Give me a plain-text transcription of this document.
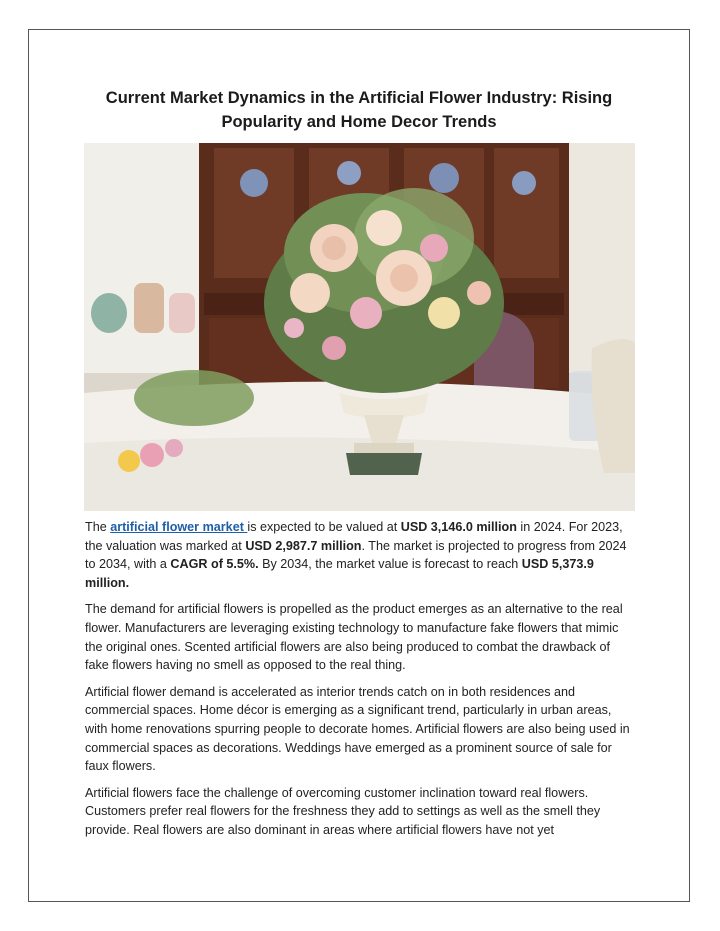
Current Market Dynamics in the Artificial Flower Industry: Rising Popularity and Home Decor Trends

The artificial flower market is expected to be valued at USD 3,146.0 million in 2024. For 2023, the valuation was marked at USD 2,987.7 million. The market is projected to progress from 2024 to 2034, with a CAGR of 5.5%. By 2034, the market value is forecast to reach USD 5,373.9 million.

The demand for artificial flowers is propelled as the product emerges as an alternative to the real flower. Manufacturers are leveraging existing technology to manufacture fake flowers that mimic the original ones. Scented artificial flowers are also being produced to combat the drawback of fake flowers having no smell as opposed to the real thing.

Artificial flower demand is accelerated as interior trends catch on in both residences and commercial spaces. Home décor is emerging as a significant trend, particularly in urban areas, with home renovations spurring people to decorate homes. Artificial flowers are also being used in commercial spaces as decorations. Weddings have emerged as a prominent source of sale for faux flowers.

Artificial flowers face the challenge of overcoming customer inclination toward real flowers. Customers prefer real flowers for the freshness they add to settings as well as the smell they provide. Real flowers are also dominant in areas where artificial flowers have not yet
